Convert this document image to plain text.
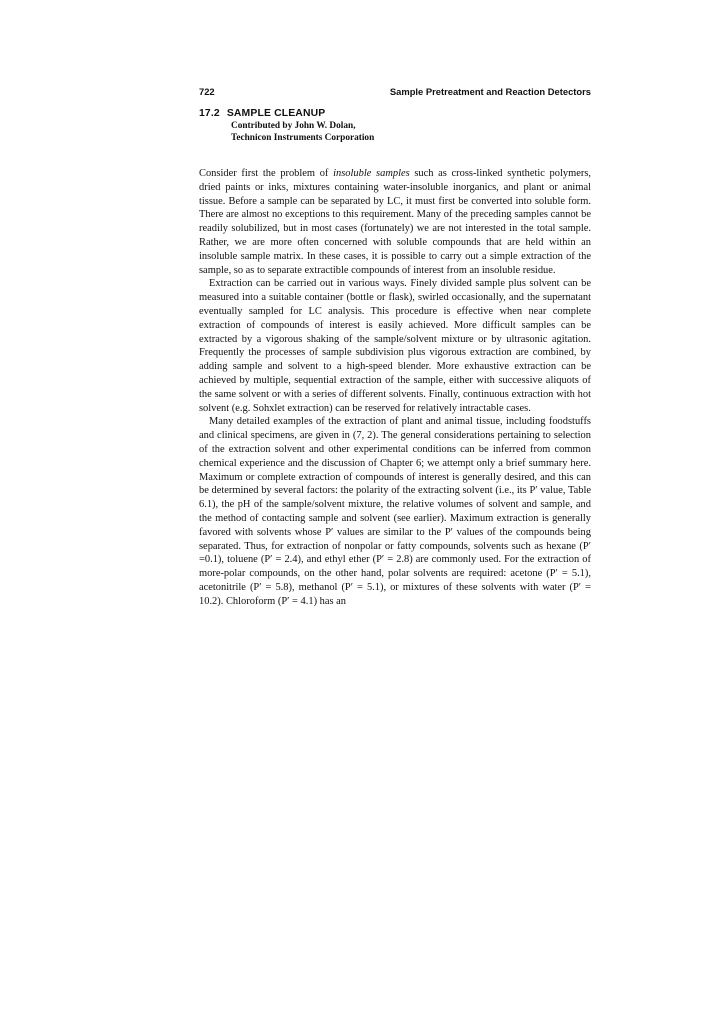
722	Sample Pretreatment and Reaction Detectors
17.2 SAMPLE CLEANUP
Contributed by John W. Dolan,
Technicon Instruments Corporation

Consider first the problem of insoluble samples such as cross-linked synthetic polymers, dried paints or inks, mixtures containing water-insoluble inorganics, and plant or animal tissue. Before a sample can be separated by LC, it must first be converted into soluble form. There are almost no exceptions to this requirement. Many of the preceding samples cannot be readily solubilized, but in most cases (fortunately) we are not interested in the total sample. Rather, we are more often concerned with soluble compounds that are held within an insoluble sample matrix. In these cases, it is possible to carry out a simple extraction of the sample, so as to separate extractible compounds of interest from an insoluble residue.

Extraction can be carried out in various ways. Finely divided sample plus solvent can be measured into a suitable container (bottle or flask), swirled occasionally, and the supernatant eventually sampled for LC analysis. This procedure is effective when near complete extraction of compounds of interest is easily achieved. More difficult samples can be extracted by a vigorous shaking of the sample/solvent mixture or by ultrasonic agitation. Frequently the processes of sample subdivision plus vigorous extraction are combined, by adding sample and solvent to a high-speed blender. More exhaustive extraction can be achieved by multiple, sequential extraction of the sample, either with successive aliquots of the same solvent or with a series of different solvents. Finally, continuous extraction with hot solvent (e.g. Sohxlet extraction) can be reserved for relatively intractable cases.

Many detailed examples of the extraction of plant and animal tissue, including foodstuffs and clinical specimens, are given in (7, 2). The general considerations pertaining to selection of the extraction solvent and other experimental conditions can be inferred from common chemical experience and the discussion of Chapter 6; we attempt only a brief summary here. Maximum or complete extraction of compounds of interest is generally desired, and this can be determined by several factors: the polarity of the extracting solvent (i.e., its P′ value, Table 6.1), the pH of the sample/solvent mixture, the relative volumes of solvent and sample, and the method of contacting sample and solvent (see earlier). Maximum extraction is generally favored with solvents whose P′ values are similar to the P′ values of the compounds being separated. Thus, for extraction of nonpolar or fatty compounds, solvents such as hexane (P′ =0.1), toluene (P′ = 2.4), and ethyl ether (P′ = 2.8) are commonly used. For the extraction of more-polar compounds, on the other hand, polar solvents are required: acetone (P′ = 5.1), acetonitrile (P′ = 5.8), methanol (P′ = 5.1), or mixtures of these solvents with water (P′ = 10.2). Chloroform (P′ = 4.1) has an
